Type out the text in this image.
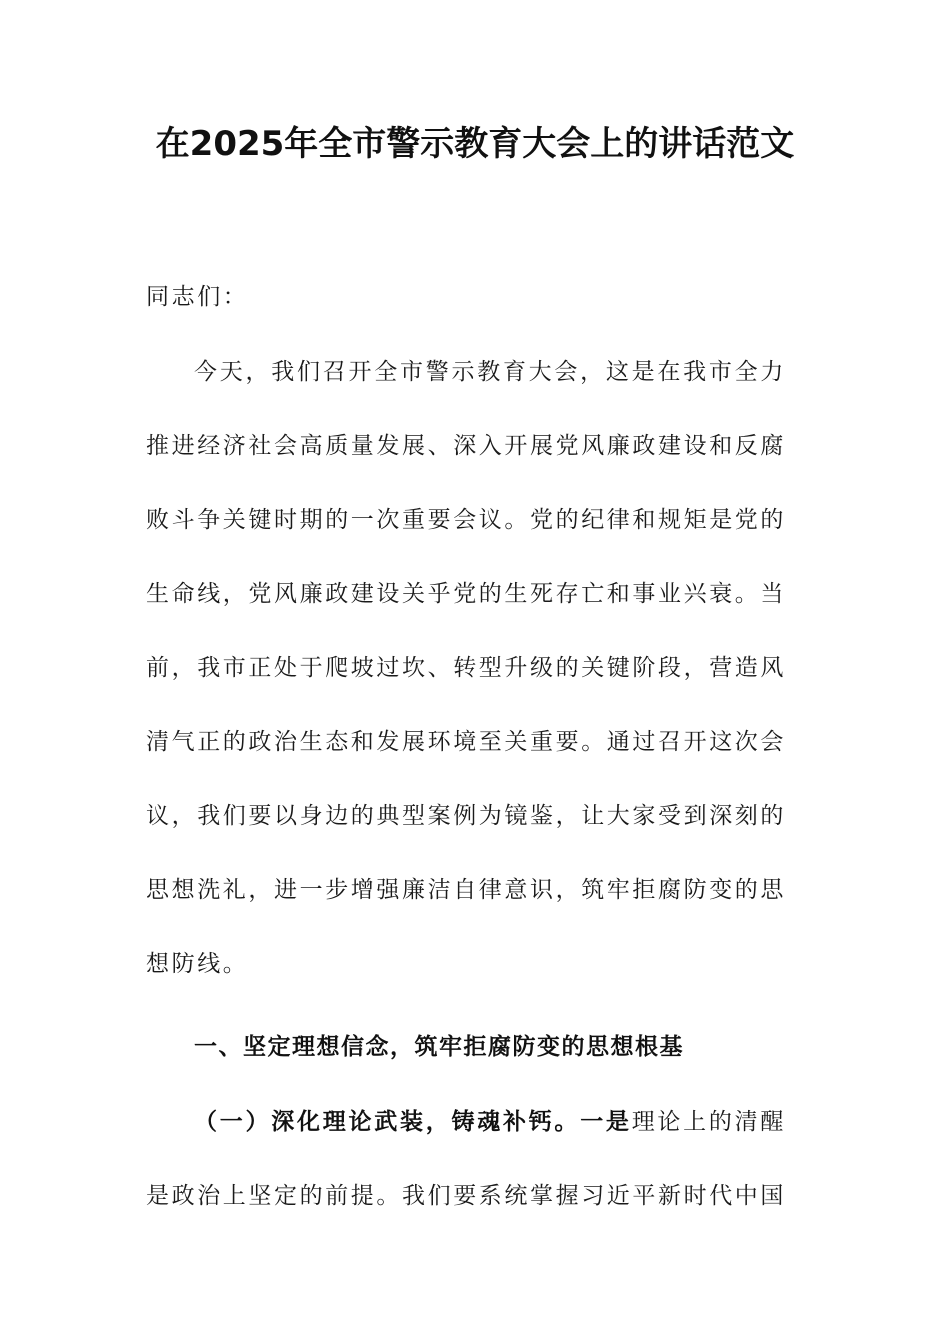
在2025年全市警示教育大会上的讲话范文
同志们：
今天，我们召开全市警示教育大会，这是在我市全力推进经济社会高质量发展、深入开展党风廉政建设和反腐败斗争关键时期的一次重要会议。党的纪律和规矩是党的生命线，党风廉政建设关乎党的生死存亡和事业兴衰。当前，我市正处于爬坡过坎、转型升级的关键阶段，营造风清气正的政治生态和发展环境至关重要。通过召开这次会议，我们要以身边的典型案例为镜鉴，让大家受到深刻的思想洗礼，进一步增强廉洁自律意识，筑牢拒腐防变的思想防线。
一、坚定理想信念，筑牢拒腐防变的思想根基
（一）深化理论武装，铸魂补钙。一是理论上的清醒是政治上坚定的前提。我们要系统掌握习近平新时代中国
